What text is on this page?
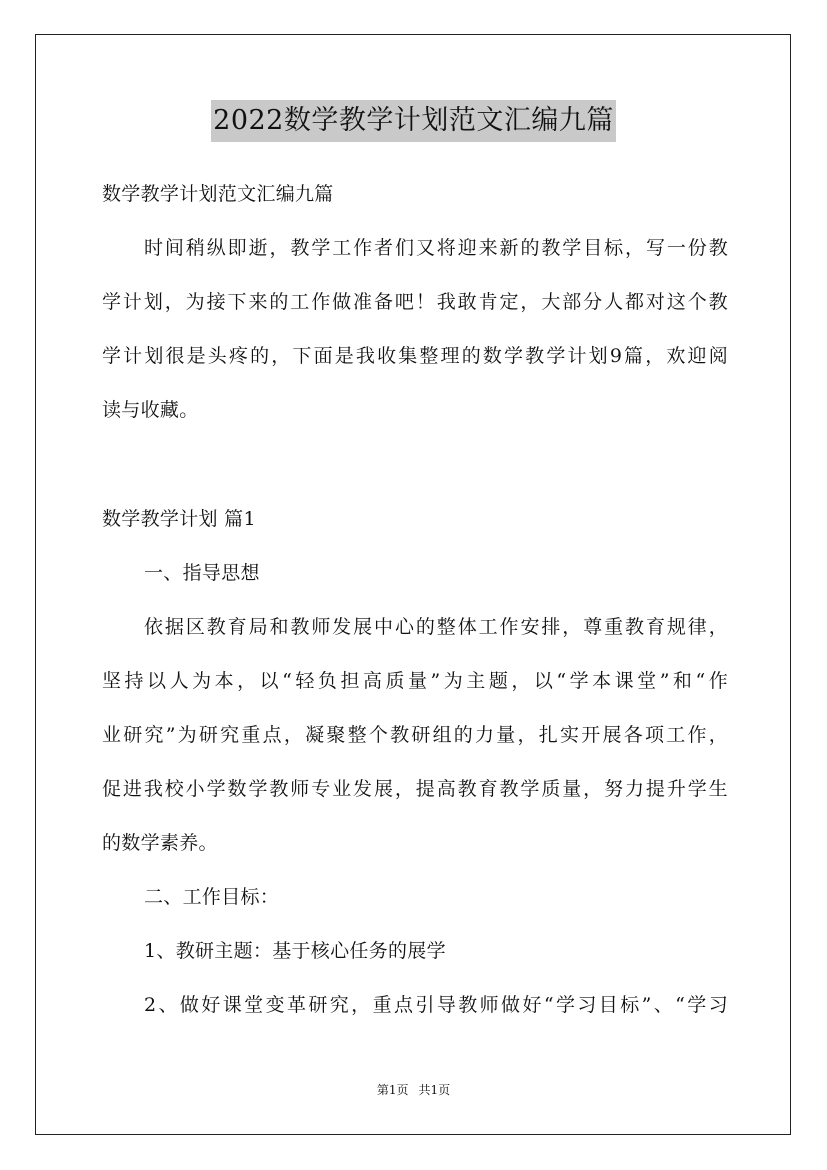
2022数学教学计划范文汇编九篇
数学教学计划范文汇编九篇
时间稍纵即逝，教学工作者们又将迎来新的教学目标，写一份教
学计划，为接下来的工作做准备吧！我敢肯定，大部分人都对这个教
学计划很是头疼的，下面是我收集整理的数学教学计划9篇，欢迎阅
读与收藏。
数学教学计划 篇1
一、指导思想
依据区教育局和教师发展中心的整体工作安排，尊重教育规律，
坚持以人为本，以“轻负担高质量”为主题，以“学本课堂”和“作
业研究”为研究重点，凝聚整个教研组的力量，扎实开展各项工作，
促进我校小学数学教师专业发展，提高教育教学质量，努力提升学生
的数学素养。
二、工作目标：
1、教研主题：基于核心任务的展学
2、做好课堂变革研究，重点引导教师做好“学习目标”、“学习
第1页 共1页
